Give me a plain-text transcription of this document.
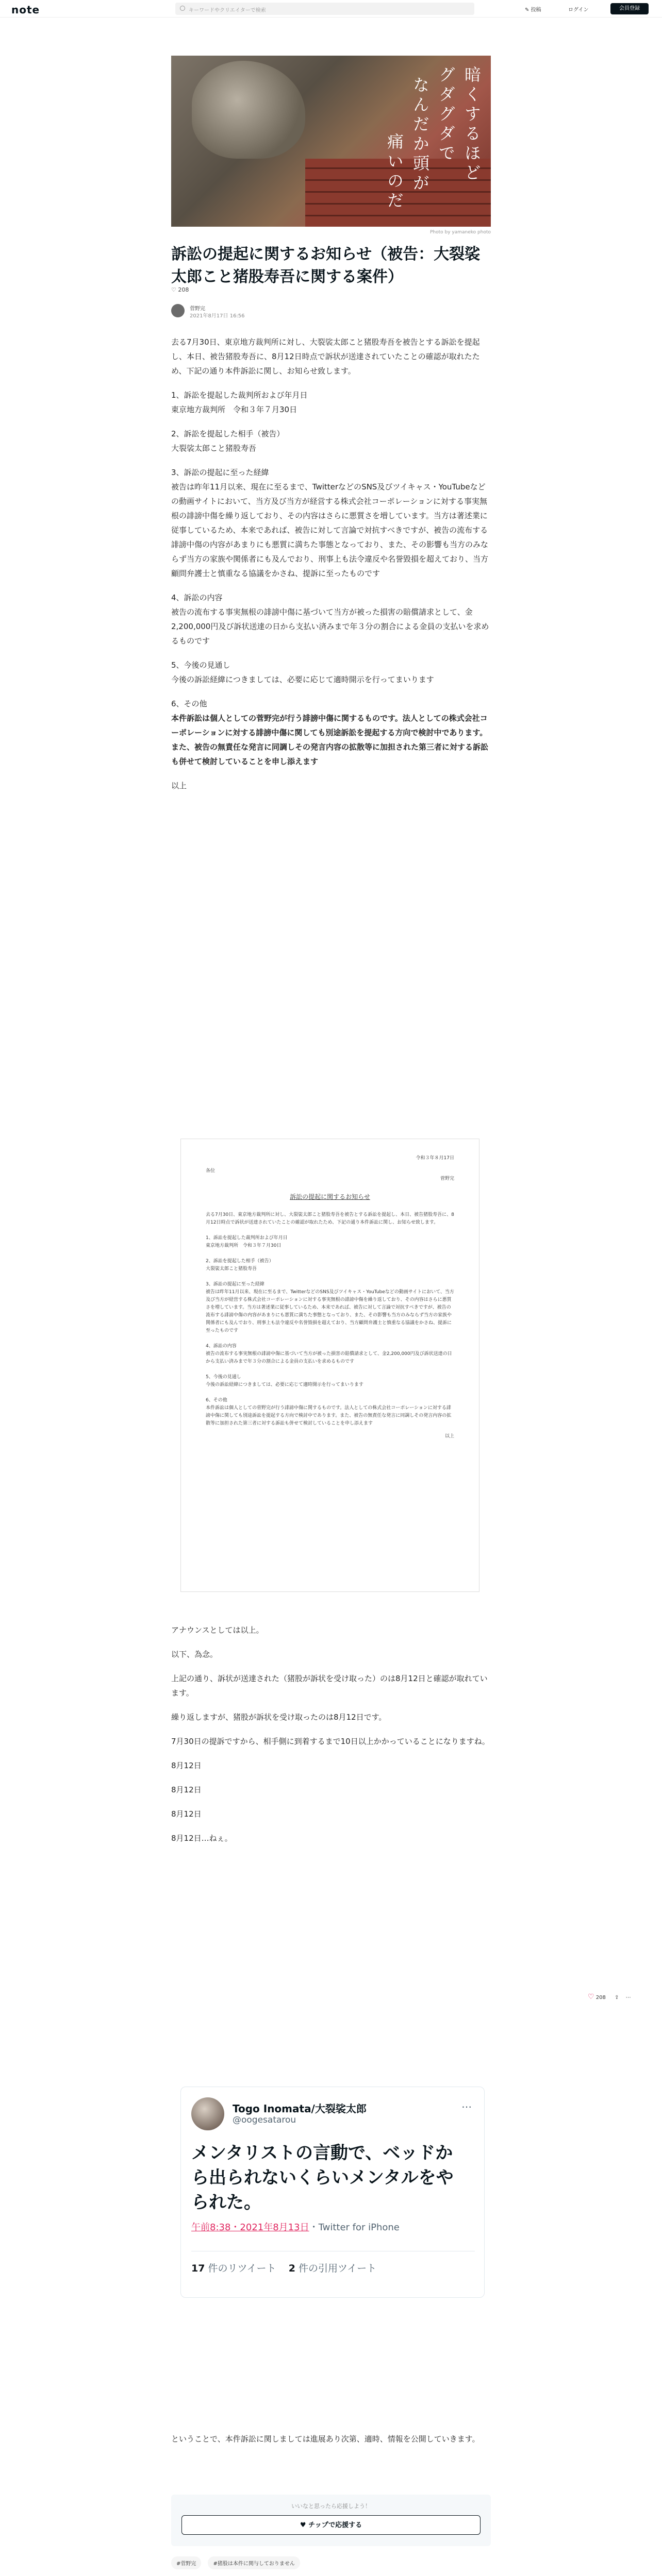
note	キーワードやクリエイターで検索	✎ 投稿	ログイン	会員登録
暗くするほど
グダグダで
なんだか頭が
痛いのだ
Photo by yamaneko photo
訴訟の提起に関するお知らせ（被告：大裂裟太郎こと猪股寿吾に関する案件）
♡ 208
菅野完
2021年8月17日 16:56

去る7月30日、東京地方裁判所に対し、大裂裟太郎こと猪股寿吾を被告とする訴訟を提起し、本日、被告猪股寿吾に、8月12日時点で訴状が送達されていたことの確認が取れたため、下記の通り本件訴訟に関し、お知らせ致します。

1、訴訟を提起した裁判所および年月日

東京地方裁判所　令和３年７月30日

2、訴訟を提起した相手（被告）

大裂裟太郎こと猪股寿吾

3、訴訟の提起に至った経緯

被告は昨年11月以来、現在に至るまで、TwitterなどのSNS及びツイキャス・YouTubeなどの動画サイトにおいて、当方及び当方が経営する株式会社コーポレーションに対する事実無根の誹謗中傷を繰り返しており、その内容はさらに悪質さを増しています。当方は著述業に従事しているため、本来であれば、被告に対して言論で対抗すべきですが、被告の流布する誹謗中傷の内容があまりにも悪質に満ちた事態となっており、また、その影響も当方のみならず当方の家族や関係者にも及んでおり、刑事上も法令違反や名誉毀損を超えており、当方顧問弁護士と慎重なる協議をかさね、提訴に至ったものです

4、訴訟の内容

被告の流布する事実無根の誹謗中傷に基づいて当方が被った損害の賠償請求として、金2,200,000円及び訴状送達の日から支払い済みまで年３分の割合による金員の支払いを求めるものです

5、今後の見通し

今後の訴訟経緯につきましては、必要に応じて適時開示を行ってまいります

6、その他

本件訴訟は個人としての菅野完が行う誹謗中傷に関するものです。法人としての株式会社コーポレーションに対する誹謗中傷に関しても別途訴訟を提起する方向で検討中であります。また、被告の無責任な発言に同調しその発言内容の拡散等に加担された第三者に対する訴訟も併せて検討していることを申し添えます

以上

令和３年８月17日
各位
菅野完
訴訟の提起に関するお知らせ
去る7月30日、東京地方裁判所に対し、大裂裟太郎こと猪股寿吾を被告とする訴訟を提起し、本日、被告猪股寿吾に、8月12日時点で訴状が送達されていたことの確認が取れたため、下記の通り本件訴訟に関し、お知らせ致します。

1、訴訟を提起した裁判所および年月日
東京地方裁判所　令和３年７月30日

2、訴訟を提起した相手（被告）
大裂裟太郎こと猪股寿吾

3、訴訟の提起に至った経緯
被告は昨年11月以来、現在に至るまで、TwitterなどのSNS及びツイキャス・YouTubeなどの動画サイトにおいて、当方及び当方が経営する株式会社コーポレーションに対する事実無根の誹謗中傷を繰り返しており、その内容はさらに悪質さを増しています。当方は著述業に従事しているため、本来であれば、被告に対して言論で対抗すべきですが、被告の流布する誹謗中傷の内容があまりにも悪質に満ちた事態となっており、また、その影響も当方のみならず当方の家族や関係者にも及んでおり、刑事上も法令違反や名誉毀損を超えており、当方顧問弁護士と慎重なる協議をかさね、提訴に至ったものです

4、訴訟の内容
被告の流布する事実無根の誹謗中傷に基づいて当方が被った損害の賠償請求として、金2,200,000円及び訴状送達の日から支払い済みまで年３分の割合による金員の支払いを求めるものです

5、今後の見通し
今後の訴訟経緯につきましては、必要に応じて適時開示を行ってまいります

6、その他
本件訴訟は個人としての菅野完が行う誹謗中傷に関するものです。法人としての株式会社コーポレーションに対する誹謗中傷に関しても別途訴訟を提起する方向で検討中であります。また、被告の無責任な発言に同調しその発言内容の拡散等に加担された第三者に対する訴訟も併せて検討していることを申し添えます
以上

アナウンスとしては以上。

以下、為念。

上記の通り、訴状が送達された（猪股が訴状を受け取った）のは8月12日と確認が取れています。

繰り返しますが、猪股が訴状を受け取ったのは8月12日です。

7月30日の提訴ですから、相手側に到着するまで10日以上かかっていることになりますね。

8月12日

8月12日

8月12日

8月12日…ねぇ。

♡ 208 ⇪ ⋯
Togo Inomata/大裂裟太郎
@oogesatarou
⋯
メンタリストの言動で、ベッドから出られないくらいメンタルをやられた。
午前8:38・2021年8月13日・Twitter for iPhone
17 件のリツイート 2 件の引用ツイート

ということで、本件訴訟に関しましては進展あり次第、適時、情報を公開していきます。

いいなと思ったら応援しよう！
♥ チップで応援する
#菅野完	#猪股は本件に関与しておりません
